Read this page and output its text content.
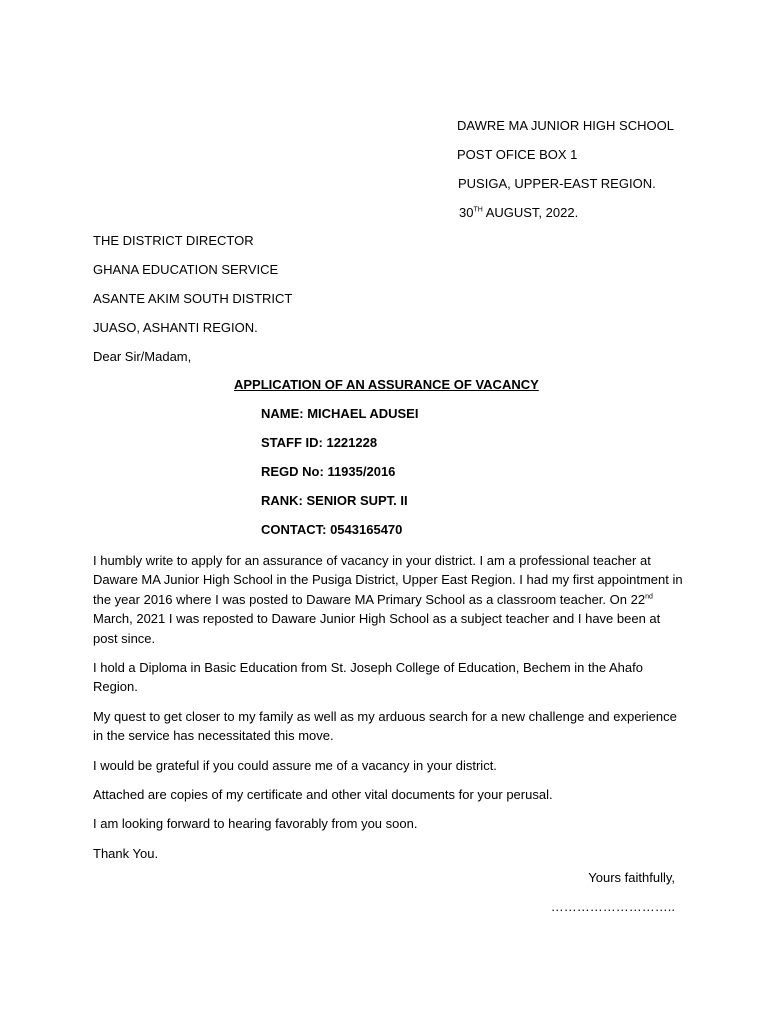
DAWRE MA JUNIOR HIGH SCHOOL
POST OFICE BOX 1
PUSIGA, UPPER-EAST REGION.
30TH AUGUST, 2022.
THE DISTRICT DIRECTOR
GHANA EDUCATION SERVICE
ASANTE AKIM SOUTH DISTRICT
JUASO, ASHANTI REGION.
Dear Sir/Madam,
APPLICATION OF AN ASSURANCE OF VACANCY
NAME: MICHAEL ADUSEI
STAFF ID: 1221228
REGD No: 11935/2016
RANK: SENIOR SUPT. II
CONTACT: 0543165470

I humbly write to apply for an assurance of vacancy in your district. I am a professional teacher at Daware MA Junior High School in the Pusiga District, Upper East Region. I had my first appointment in the year 2016 where I was posted to Daware MA Primary School as a classroom teacher. On 22nd March, 2021 I was reposted to Daware Junior High School as a subject teacher and I have been at post since.

I hold a Diploma in Basic Education from St. Joseph College of Education, Bechem in the Ahafo Region.

My quest to get closer to my family as well as my arduous search for a new challenge and experience in the service has necessitated this move.

I would be grateful if you could assure me of a vacancy in your district.

Attached are copies of my certificate and other vital documents for your perusal.

I am looking forward to hearing favorably from you soon.

Thank You.

Yours faithfully,
………………………..
